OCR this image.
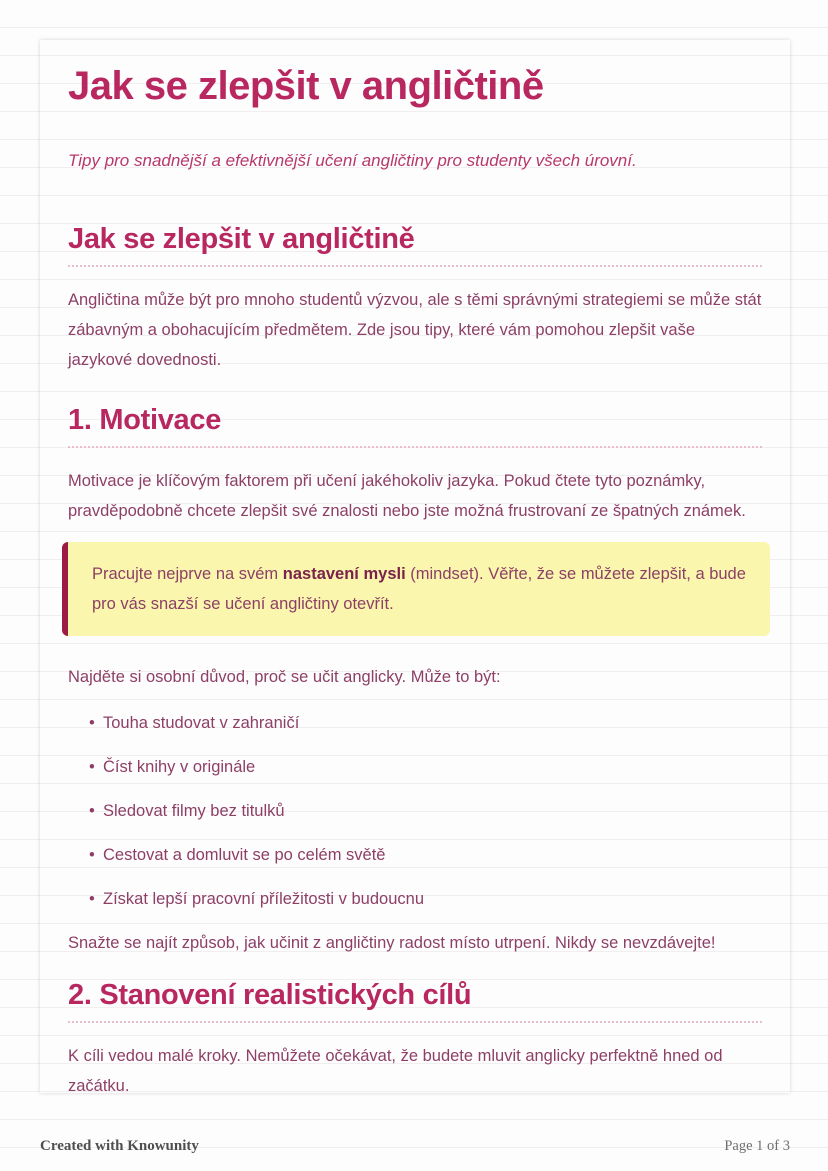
Jak se zlepšit v angličtině

Tipy pro snadnější a efektivnější učení angličtiny pro studenty všech úrovní.

Jak se zlepšit v angličtině

Angličtina může být pro mnoho studentů výzvou, ale s těmi správnými strategiemi se může stát zábavným a obohacujícím předmětem. Zde jsou tipy, které vám pomohou zlepšit vaše jazykové dovednosti.

1. Motivace

Motivace je klíčovým faktorem při učení jakéhokoliv jazyka. Pokud čtete tyto poznámky, pravděpodobně chcete zlepšit své znalosti nebo jste možná frustrovaní ze špatných známek.

Pracujte nejprve na svém nastavení mysli (mindset). Věřte, že se můžete zlepšit, a bude pro vás snazší se učení angličtiny otevřít.

Najděte si osobní důvod, proč se učit anglicky. Může to být:

• Touha studovat v zahraničí
• Číst knihy v originále
• Sledovat filmy bez titulků
• Cestovat a domluvit se po celém světě
• Získat lepší pracovní příležitosti v budoucnu

Snažte se najít způsob, jak učinit z angličtiny radost místo utrpení. Nikdy se nevzdávejte!

2. Stanovení realistických cílů

K cíli vedou malé kroky. Nemůžete očekávat, že budete mluvit anglicky perfektně hned od začátku.

Created with Knowunity	Page 1 of 3
